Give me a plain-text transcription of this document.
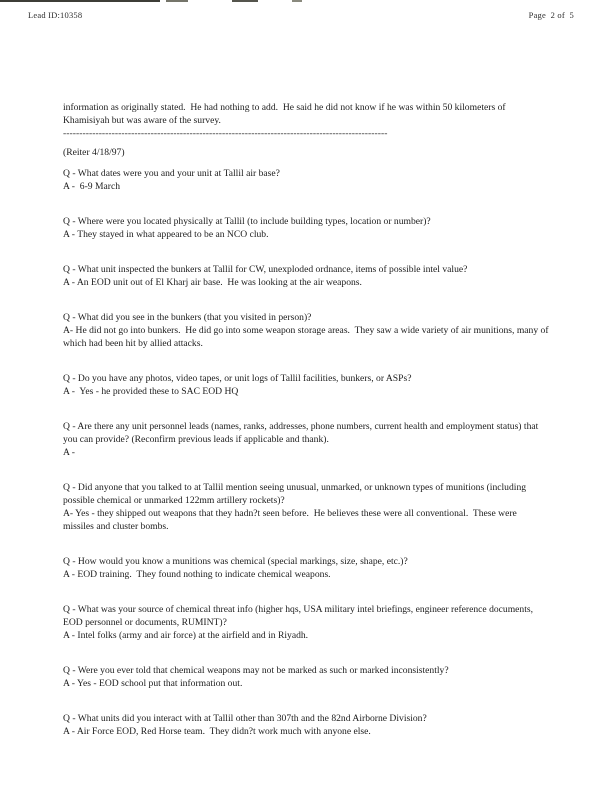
Lead ID:10358	Page  2 of  5
information as originally stated.  He had nothing to add.  He said he did not know if he was within 50 kilometers of Khamisiyah but was aware of the survey.
----------------------------------------------------------------------------------------------------
(Reiter 4/18/97)
Q - What dates were you and your unit at Tallil air base?
A -  6-9 March
Q - Where were you located physically at Tallil (to include building types, location or number)?
A - They stayed in what appeared to be an NCO club.
Q - What unit inspected the bunkers at Tallil for CW, unexploded ordnance, items of possible intel value?
A - An EOD unit out of El Kharj air base.  He was looking at the air weapons.
Q - What did you see in the bunkers (that you visited in person)?
A- He did not go into bunkers.  He did go into some weapon storage areas.  They saw a wide variety of air munitions, many of which had been hit by allied attacks.
Q - Do you have any photos, video tapes, or unit logs of Tallil facilities, bunkers, or ASPs?
A -  Yes - he provided these to SAC EOD HQ
Q - Are there any unit personnel leads (names, ranks, addresses, phone numbers, current health and employment status) that you can provide? (Reconfirm previous leads if applicable and thank).
A -
Q - Did anyone that you talked to at Tallil mention seeing unusual, unmarked, or unknown types of munitions (including possible chemical or unmarked 122mm artillery rockets)?
A- Yes - they shipped out weapons that they hadn?t seen before.  He believes these were all conventional.  These were missiles and cluster bombs.
Q - How would you know a munitions was chemical (special markings, size, shape, etc.)?
A - EOD training.  They found nothing to indicate chemical weapons.
Q - What was your source of chemical threat info (higher hqs, USA military intel briefings, engineer reference documents, EOD personnel or documents, RUMINT)?
A - Intel folks (army and air force) at the airfield and in Riyadh.
Q - Were you ever told that chemical weapons may not be marked as such or marked inconsistently?
A - Yes - EOD school put that information out.
Q - What units did you interact with at Tallil other than 307th and the 82nd Airborne Division?
A - Air Force EOD, Red Horse team.  They didn?t work much with anyone else.
